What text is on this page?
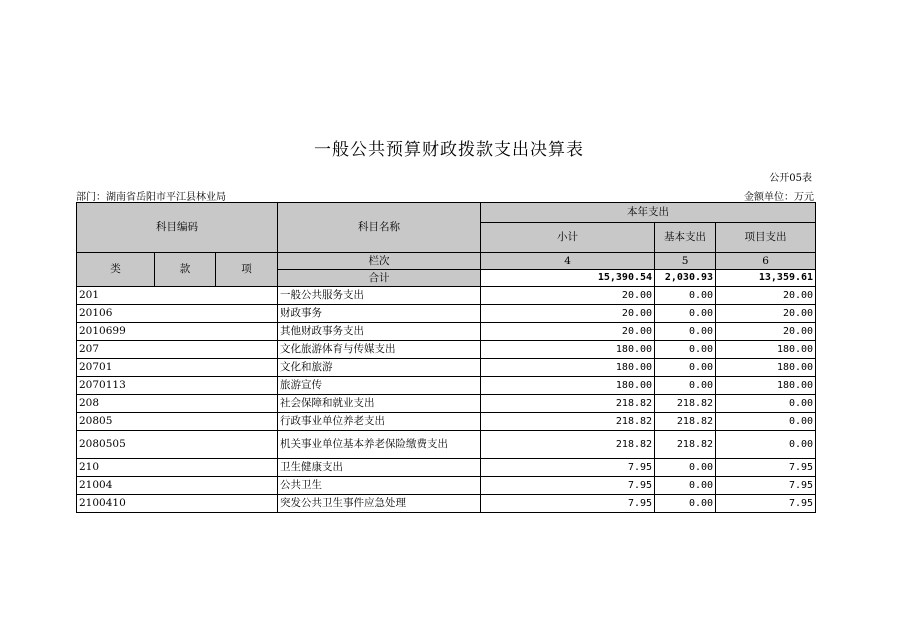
一般公共预算财政拨款支出决算表
公开05表
部门：湖南省岳阳市平江县林业局	金额单位：万元
科目编码			科目名称	本年支出		
				小计	基本支出	项目支出
类	款	项	栏次	4	5	6
			合计	15,390.54	2,030.93	13,359.61
201			一般公共服务支出	20.00	0.00	20.00
20106			财政事务	20.00	0.00	20.00
2010699			其他财政事务支出	20.00	0.00	20.00
207			文化旅游体育与传媒支出	180.00	0.00	180.00
20701			文化和旅游	180.00	0.00	180.00
2070113			旅游宣传	180.00	0.00	180.00
208			社会保障和就业支出	218.82	218.82	0.00
20805			行政事业单位养老支出	218.82	218.82	0.00
2080505			机关事业单位基本养老保险缴费支出	218.82	218.82	0.00
210			卫生健康支出	7.95	0.00	7.95
21004			公共卫生	7.95	0.00	7.95
2100410			突发公共卫生事件应急处理	7.95	0.00	7.95
